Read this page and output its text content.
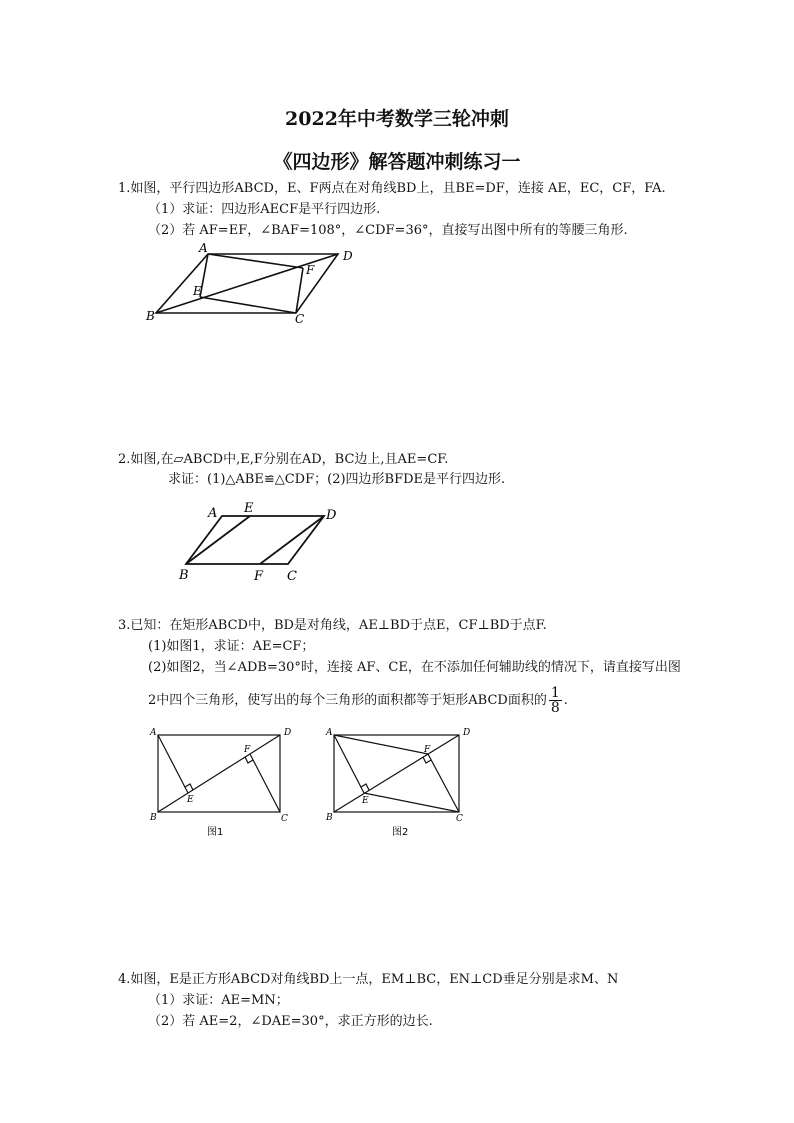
2022年中考数学三轮冲刺
《四边形》解答题冲刺练习一
1.如图，平行四边形ABCD，E、F两点在对角线BD上，且BE=DF，连接 AE，EC，CF，FA.
（1）求证：四边形AECF是平行四边形.
（2）若 AF=EF，∠BAF=108°，∠CDF=36°，直接写出图中所有的等腰三角形.
A
D
B	C
E
F
2.如图,在▱ABCD中,E,F分别在AD，BC边上,且AE=CF.
求证：(1)△ABE≌△CDF；(2)四边形BFDE是平行四边形.
A E	D
B	F C
3.已知：在矩形ABCD中，BD是对角线，AE⊥BD于点E，CF⊥BD于点F.
(1)如图1，求证：AE=CF；
(2)如图2，当∠ADB=30°时，连接 AF、CE，在不添加任何辅助线的情况下，请直接写出图
2中四个三角形，使写出的每个三角形的面积都等于矩形ABCD面积的 $\frac{1}{8}$ .
A	D
B	C
E
F
图1
A	D
B	C
E
F
图2
4.如图，E是正方形ABCD对角线BD上一点，EM⊥BC，EN⊥CD垂足分别是求M、N
（1）求证：AE=MN；
（2）若 AE=2，∠DAE=30°，求正方形的边长.
